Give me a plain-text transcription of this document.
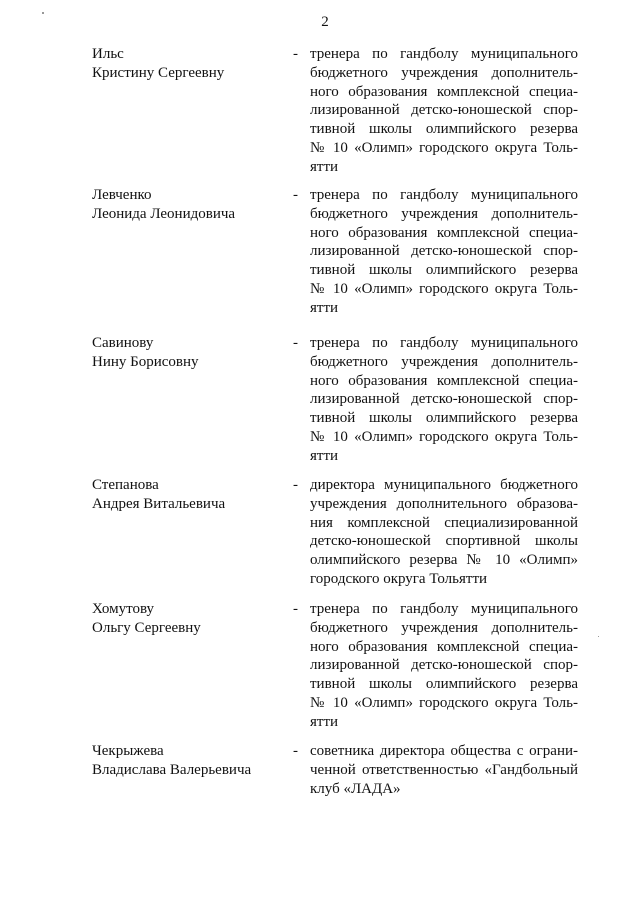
2
Ильс
Кристину Сергеевну
- тренера по гандболу муниципального
бюджетного учреждения дополнитель-
ного образования комплексной специа-
лизированной детско-юношеской спор-
тивной школы олимпийского резерва
№ 10 «Олимп» городского округа Толь-
ятти
Левченко
Леонида Леонидовича
- тренера по гандболу муниципального
бюджетного учреждения дополнитель-
ного образования комплексной специа-
лизированной детско-юношеской спор-
тивной школы олимпийского резерва
№ 10 «Олимп» городского округа Толь-
ятти
Савинову
Нину Борисовну
- тренера по гандболу муниципального
бюджетного учреждения дополнитель-
ного образования комплексной специа-
лизированной детско-юношеской спор-
тивной школы олимпийского резерва
№ 10 «Олимп» городского округа Толь-
ятти
Степанова
Андрея Витальевича
- директора муниципального бюджетного
учреждения дополнительного образова-
ния комплексной специализированной
детско-юношеской спортивной школы
олимпийского резерва № 10 «Олимп»
городского округа Тольятти
Хомутову
Ольгу Сергеевну
- тренера по гандболу муниципального
бюджетного учреждения дополнитель-
ного образования комплексной специа-
лизированной детско-юношеской спор-
тивной школы олимпийского резерва
№ 10 «Олимп» городского округа Толь-
ятти
Чекрыжева
Владислава Валерьевича
- советника директора общества с ограни-
ченной ответственностью «Гандбольный
клуб «ЛАДА»
